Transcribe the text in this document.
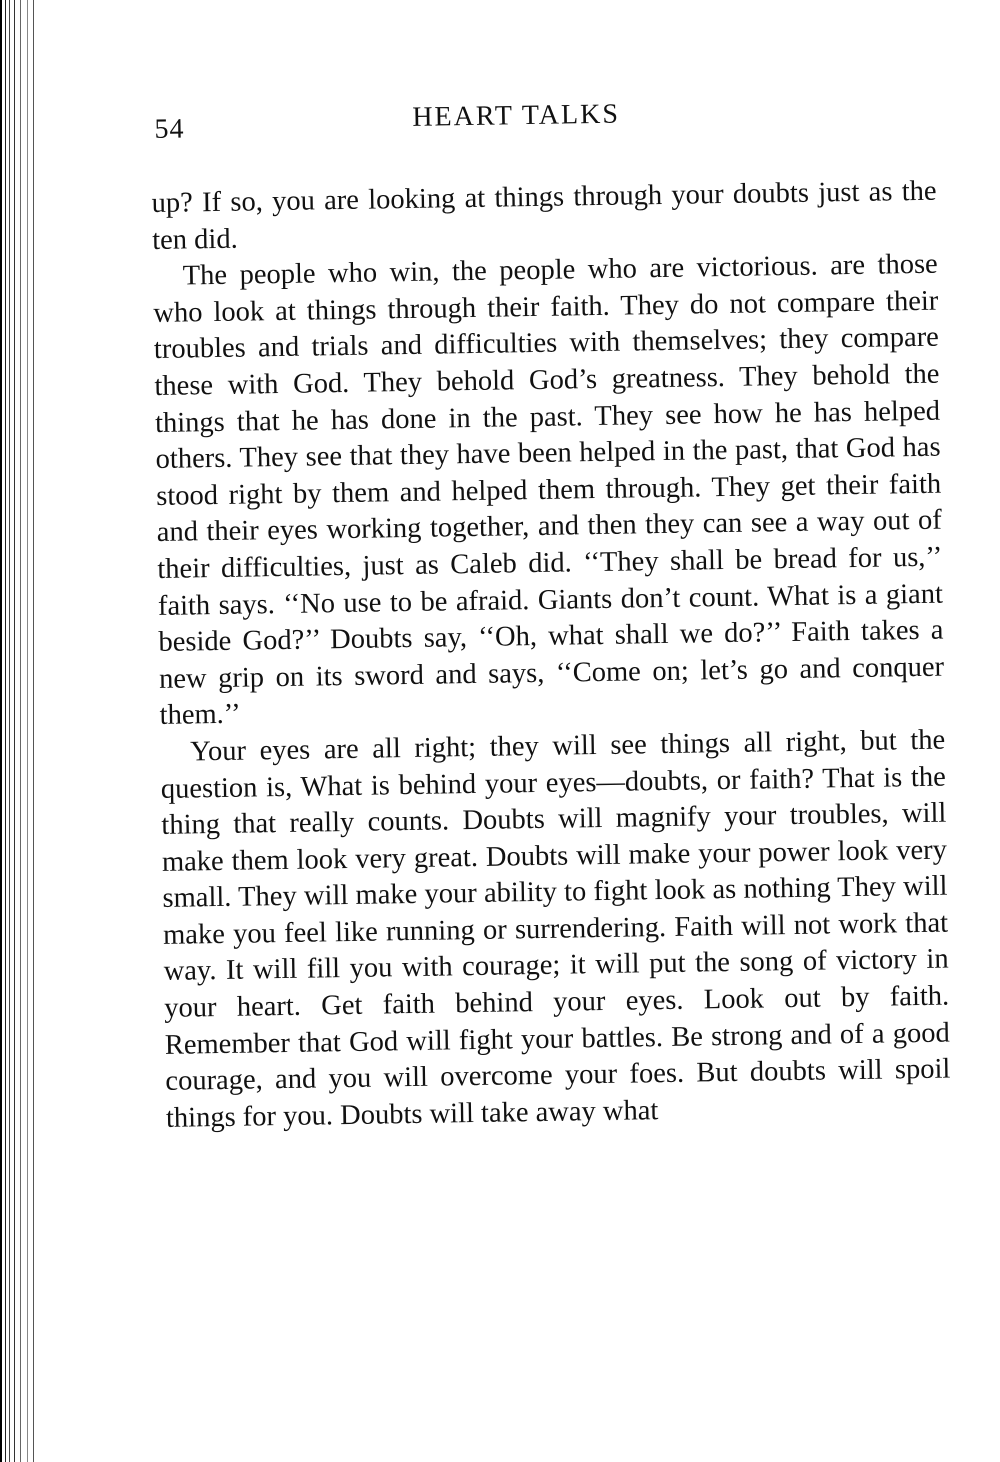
54	HEART TALKS

up? If so, you are looking at things through your doubts just as the ten did.

The people who win, the people who are victorious. are those who look at things through their faith. They do not compare their troubles and trials and difficulties with themselves; they compare these with God. They behold God’s greatness. They behold the things that he has done in the past. They see how he has helped others. They see that they have been helped in the past, that God has stood right by them and helped them through. They get their faith and their eyes working together, and then they can see a way out of their difficulties, just as Caleb did. ‘‘They shall be bread for us,’’ faith says. ‘‘No use to be afraid. Giants don’t count. What is a giant beside God?’’ Doubts say, ‘‘Oh, what shall we do?’’ Faith takes a new grip on its sword and says, ‘‘Come on; let’s go and conquer them.’’

Your eyes are all right; they will see things all right, but the question is, What is behind your eyes—doubts, or faith? That is the thing that really counts. Doubts will magnify your troubles, will make them look very great. Doubts will make your power look very small. They will make your ability to fight look as nothing They will make you feel like running or surrendering. Faith will not work that way. It will fill you with courage; it will put the song of victory in your heart. Get faith behind your eyes. Look out by faith. Remember that God will fight your battles. Be strong and of a good courage, and you will overcome your foes. But doubts will spoil things for you. Doubts will take away what
